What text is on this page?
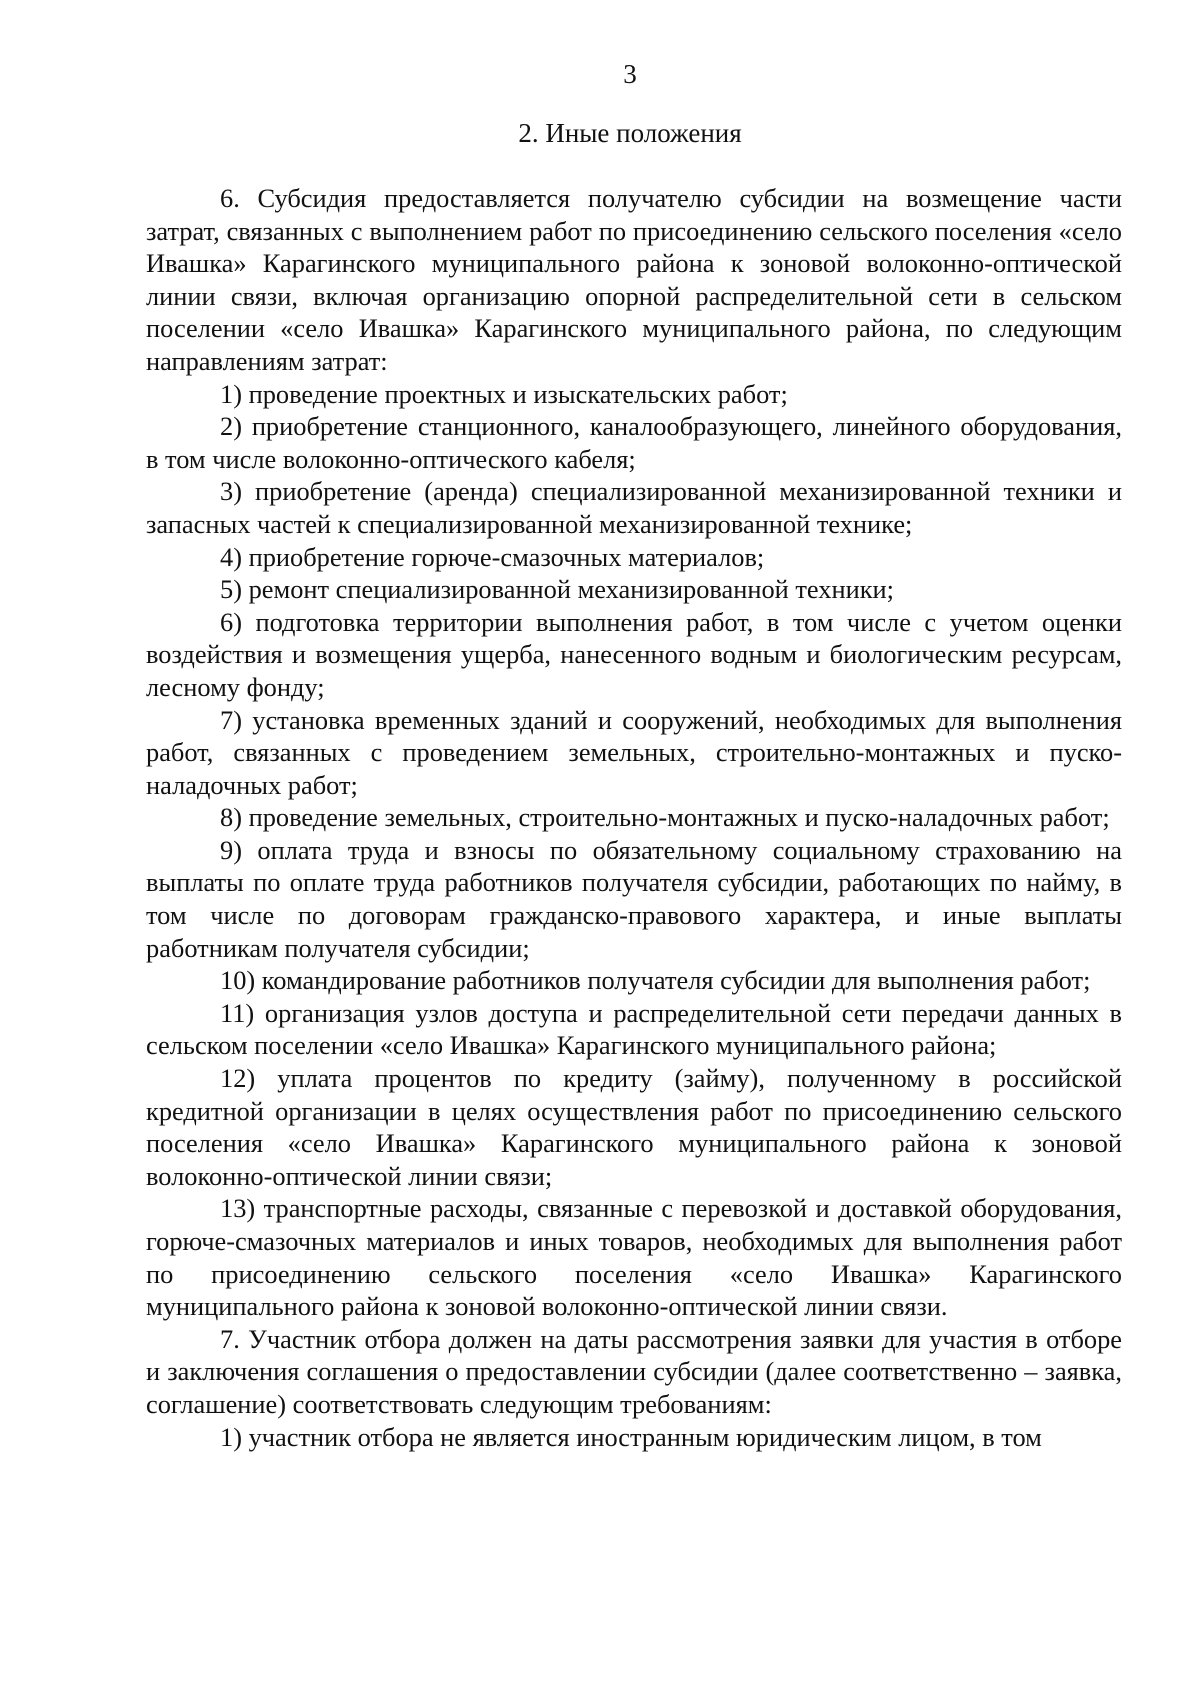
3
2. Иные положения

6. Субсидия предоставляется получателю субсидии на возмещение части затрат, связанных с выполнением работ по присоединению сельского поселения «село Ивашка» Карагинского муниципального района к зоновой волоконно-оптической линии связи, включая организацию опорной распределительной сети в сельском поселении «село Ивашка» Карагинского муниципального района, по следующим направлениям затрат:

1) проведение проектных и изыскательских работ;

2) приобретение станционного, каналообразующего, линейного оборудования, в том числе волоконно-оптического кабеля;

3) приобретение (аренда) специализированной механизированной техники и запасных частей к специализированной механизированной технике;

4) приобретение горюче-смазочных материалов;

5) ремонт специализированной механизированной техники;

6) подготовка территории выполнения работ, в том числе с учетом оценки воздействия и возмещения ущерба, нанесенного водным и биологическим ресурсам, лесному фонду;

7) установка временных зданий и сооружений, необходимых для выполнения работ, связанных с проведением земельных, строительно-монтажных и пуско-наладочных работ;

8) проведение земельных, строительно-монтажных и пуско-наладочных работ;

9) оплата труда и взносы по обязательному социальному страхованию на выплаты по оплате труда работников получателя субсидии, работающих по найму, в том числе по договорам гражданско-правового характера, и иные выплаты работникам получателя субсидии;

10) командирование работников получателя субсидии для выполнения работ;

11) организация узлов доступа и распределительной сети передачи данных в сельском поселении «село Ивашка» Карагинского муниципального района;

12) уплата процентов по кредиту (займу), полученному в российской кредитной организации в целях осуществления работ по присоединению сельского поселения «село Ивашка» Карагинского муниципального района к зоновой волоконно-оптической линии связи;

13) транспортные расходы, связанные с перевозкой и доставкой оборудования, горюче-смазочных материалов и иных товаров, необходимых для выполнения работ по присоединению сельского поселения «село Ивашка» Карагинского муниципального района к зоновой волоконно-оптической линии связи.

7. Участник отбора должен на даты рассмотрения заявки для участия в отборе и заключения соглашения о предоставлении субсидии (далее соответственно – заявка, соглашение) соответствовать следующим требованиям:

1) участник отбора не является иностранным юридическим лицом, в том
